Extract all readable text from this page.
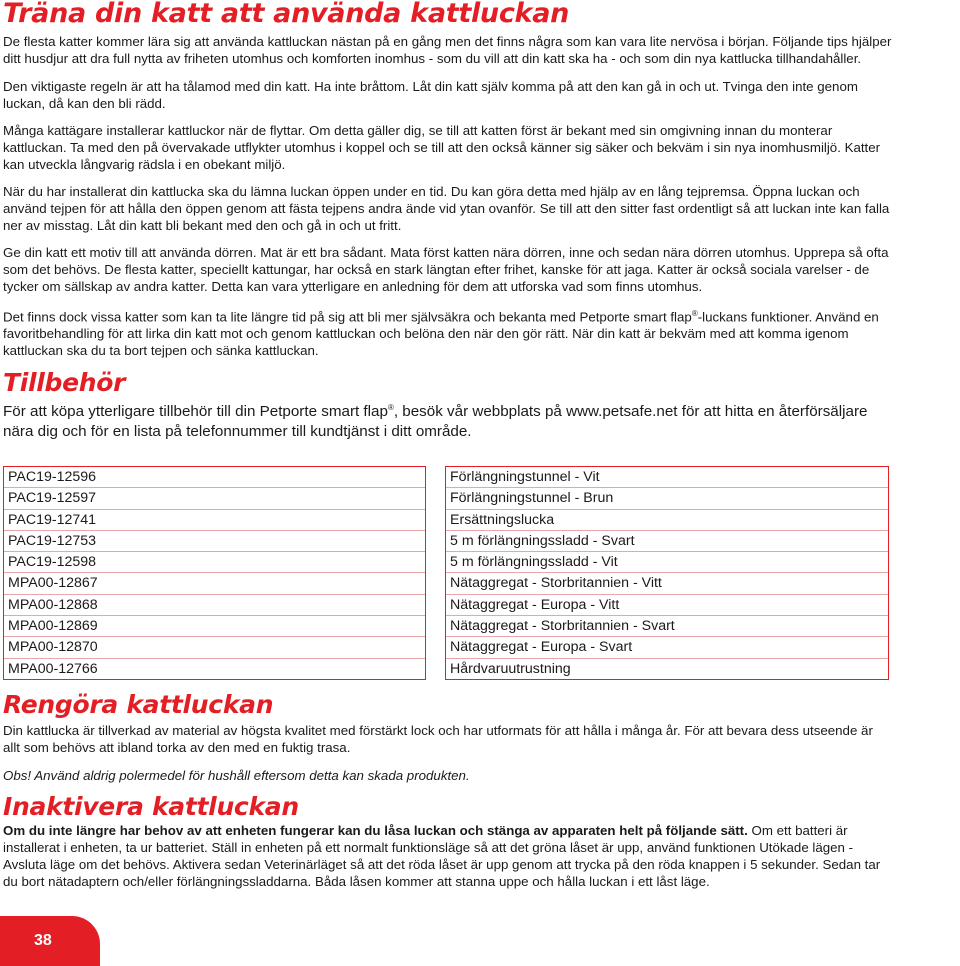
Träna din katt att använda kattluckan

De flesta katter kommer lära sig att använda kattluckan nästan på en gång men det finns några som kan vara lite nervösa i början. Följande tips hjälper ditt husdjur att dra full nytta av friheten utomhus och komforten inomhus - som du vill att din katt ska ha - och som din nya kattlucka tillhandahåller.

Den viktigaste regeln är att ha tålamod med din katt. Ha inte bråttom. Låt din katt själv komma på att den kan gå in och ut. Tvinga den inte genom luckan, då kan den bli rädd.

Många kattägare installerar kattluckor när de flyttar. Om detta gäller dig, se till att katten först är bekant med sin omgivning innan du monterar kattluckan. Ta med den på övervakade utflykter utomhus i koppel och se till att den också känner sig säker och bekväm i sin nya inomhusmiljö. Katter kan utveckla långvarig rädsla i en obekant miljö.

När du har installerat din kattlucka ska du lämna luckan öppen under en tid. Du kan göra detta med hjälp av en lång tejpremsa. Öppna luckan och använd tejpen för att hålla den öppen genom att fästa tejpens andra ände vid ytan ovanför. Se till att den sitter fast ordentligt så att luckan inte kan falla ner av misstag. Låt din katt bli bekant med den och gå in och ut fritt.

Ge din katt ett motiv till att använda dörren. Mat är ett bra sådant. Mata först katten nära dörren, inne och sedan nära dörren utomhus. Upprepa så ofta som det behövs. De flesta katter, speciellt kattungar, har också en stark längtan efter frihet, kanske för att jaga. Katter är också sociala varelser - de tycker om sällskap av andra katter. Detta kan vara ytterligare en anledning för dem att utforska vad som finns utomhus.

Det finns dock vissa katter som kan ta lite längre tid på sig att bli mer självsäkra och bekanta med Petporte smart flap®-luckans funktioner. Använd en favoritbehandling för att lirka din katt mot och genom kattluckan och belöna den när den gör rätt. När din katt är bekväm med att komma igenom kattluckan ska du ta bort tejpen och sänka kattluckan.

Tillbehör

För att köpa ytterligare tillbehör till din Petporte smart flap®, besök vår webbplats på www.petsafe.net för att hitta en återförsäljare nära dig och för en lista på telefonnummer till kundtjänst i ditt område.

PAC19-12596
PAC19-12597
PAC19-12741
PAC19-12753
PAC19-12598
MPA00-12867
MPA00-12868
MPA00-12869
MPA00-12870
MPA00-12766
Förlängningstunnel - Vit
Förlängningstunnel - Brun
Ersättningslucka
5 m förlängningssladd - Svart
5 m förlängningssladd - Vit
Nätaggregat - Storbritannien - Vitt
Nätaggregat - Europa - Vitt
Nätaggregat - Storbritannien - Svart
Nätaggregat - Europa - Svart
Hårdvaruutrustning
Rengöra kattluckan

Din kattlucka är tillverkad av material av högsta kvalitet med förstärkt lock och har utformats för att hålla i många år. För att bevara dess utseende är allt som behövs att ibland torka av den med en fuktig trasa.

Obs! Använd aldrig polermedel för hushåll eftersom detta kan skada produkten.

Inaktivera kattluckan

Om du inte längre har behov av att enheten fungerar kan du låsa luckan och stänga av apparaten helt på följande sätt. Om ett batteri är installerat i enheten, ta ur batteriet. Ställ in enheten på ett normalt funktionsläge så att det gröna låset är upp, använd funktionen Utökade lägen - Avsluta läge om det behövs. Aktivera sedan Veterinärläget så att det röda låset är upp genom att trycka på den röda knappen i 5 sekunder. Sedan tar du bort nätadaptern och/eller förlängningssladdarna. Båda låsen kommer att stanna uppe och hålla luckan i ett låst läge.

38
